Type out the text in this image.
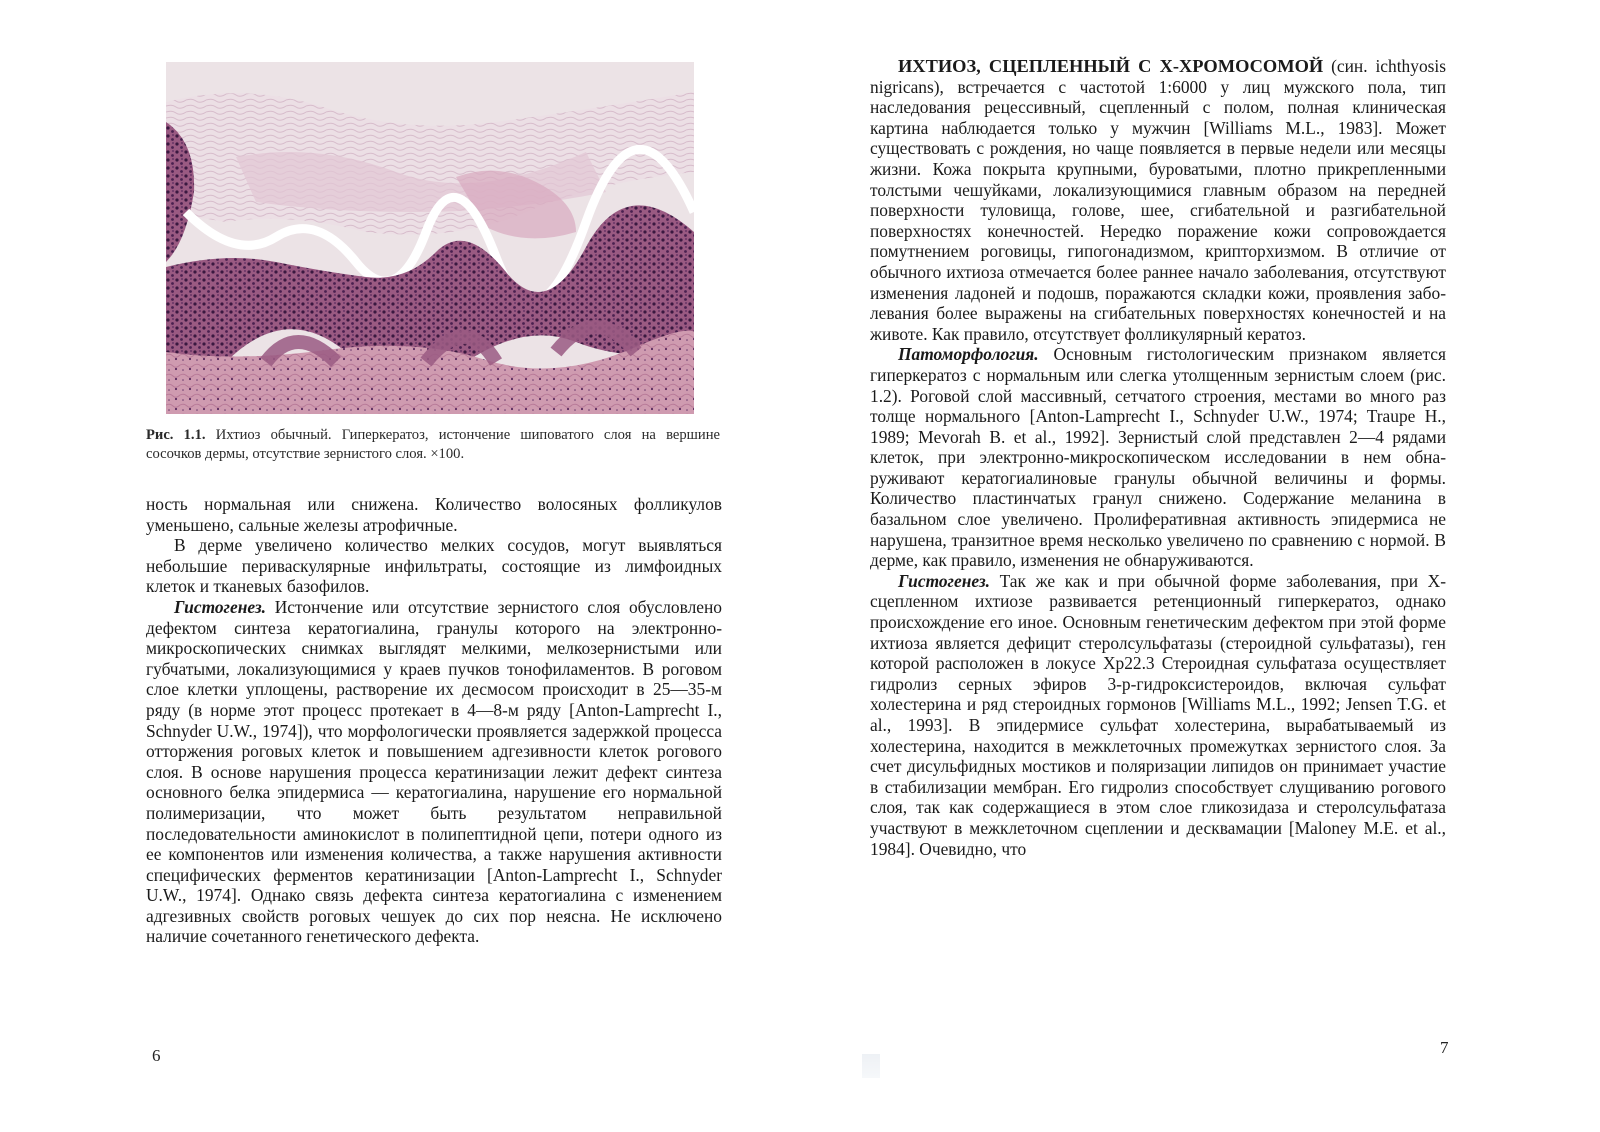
Рис. 1.1. Ихтиоз обычный. Гиперкератоз, истончение шиповатого слоя на вершине сосочков дермы, отсутствие зернистого слоя. ×100.

ность нормальная или снижена. Количество волосяных фолликулов уменьшено, сальные железы атрофичные.

В дерме увеличено количество мелких сосудов, могут выявляться небольшие периваскулярные инфильтраты, состоящие из лимфоидных клеток и тканевых базофилов.

Гистогенез. Истончение или отсутствие зернистого слоя обусловлено дефектом синтеза кератогиалина, гранулы которого на электронно-микроскопических снимках выглядят мелкими, мелкозернистыми или губчатыми, локализующимися у краев пучков тонофиламентов. В роговом слое клетки уплощены, растворение их десмосом происходит в 25—35-м ряду (в норме этот процесс протекает в 4—8-м ряду [Anton-Lamprecht I., Schnyder U.W., 1974]), что морфологически проявляется задержкой процесса отторжения роговых клеток и повышением адгезивности клеток рогового слоя. В основе нарушения процесса кератинизации лежит дефект синтеза основного белка эпидермиса — кератогиалина, нарушение его нормальной полимеризации, что может быть результатом неправильной последовательности аминокислот в полипептидной цепи, потери одного из ее компонентов или изменения количества, а также нарушения активности специфических ферментов кератинизации [Anton-Lamprecht I., Schnyder U.W., 1974]. Однако связь дефекта синтеза кератогиалина с изменением адгезивных свойств роговых чешуек до сих пор неясна. Не исключено наличие сочетанного генетического дефекта.

6

ИХТИОЗ, СЦЕПЛЕННЫЙ С Х-ХРОМОСОМОЙ (син. ichthyosis nigricans), встречается с частотой 1:6000 у лиц мужского пола, тип наследования рецессивный, сцепленный с полом, полная клиническая картина наблюдается только у мужчин [Williams M.L., 1983]. Может существовать с рождения, но чаще появляется в первые недели или месяцы жизни. Кожа покрыта крупными, буроватыми, плотно прикрепленными толстыми чешуйками, локализующимися главным образом на передней поверхности туловища, голове, шее, сгибательной и разгибательной поверхностях конечностей. Нередко поражение кожи сопровождается помутнением роговицы, гипогонадизмом, крипторхизмом. В отличие от обычного ихтиоза отмечается более раннее начало заболевания, отсутствуют изменения ладоней и подошв, поражаются складки кожи, проявления заболевания более выражены на сгибательных поверхностях конечностей и на животе. Как правило, отсутствует фолликулярный кератоз.

Патоморфология. Основным гистологическим признаком является гиперкератоз с нормальным или слегка утолщенным зернистым слоем (рис. 1.2). Роговой слой массивный, сетчатого строения, местами во много раз толще нормального [Anton-Lamprecht I., Schnyder U.W., 1974; Traupe H., 1989; Mevorah B. et al., 1992]. Зернистый слой представлен 2—4 рядами клеток, при электронно-микроскопическом исследовании в нем обнаруживают кератогиалиновые гранулы обычной величины и формы. Количество пластинчатых гранул снижено. Содержание меланина в базальном слое увеличено. Пролиферативная активность эпидермиса не нарушена, транзитное время несколько увеличено по сравнению с нормой. В дерме, как правило, изменения не обнаруживаются.

Гистогенез. Так же как и при обычной форме заболевания, при Х-сцепленном ихтиозе развивается ретенционный гиперкератоз, однако происхождение его иное. Основным генетическим дефектом при этой форме ихтиоза является дефицит стеролсульфатазы (стероидной сульфатазы), ген которой расположен в локусе Хр22.3 Стероидная сульфатаза осуществляет гидролиз серных эфиров 3-р-гидроксистероидов, включая сульфат холестерина и ряд стероидных гормонов [Williams M.L., 1992; Jensen T.G. et al., 1993]. В эпидермисе сульфат холестерина, вырабатываемый из холестерина, находится в межклеточных промежутках зернистого слоя. За счет дисульфидных мостиков и поляризации липидов он принимает участие в стабилизации мембран. Его гидролиз способствует слущиванию рогового слоя, так как содержащиеся в этом слое гликозидаза и стеролсульфатаза участвуют в межклеточном сцеплении и десквамации [Maloney M.E. et al., 1984]. Очевидно, что

7
